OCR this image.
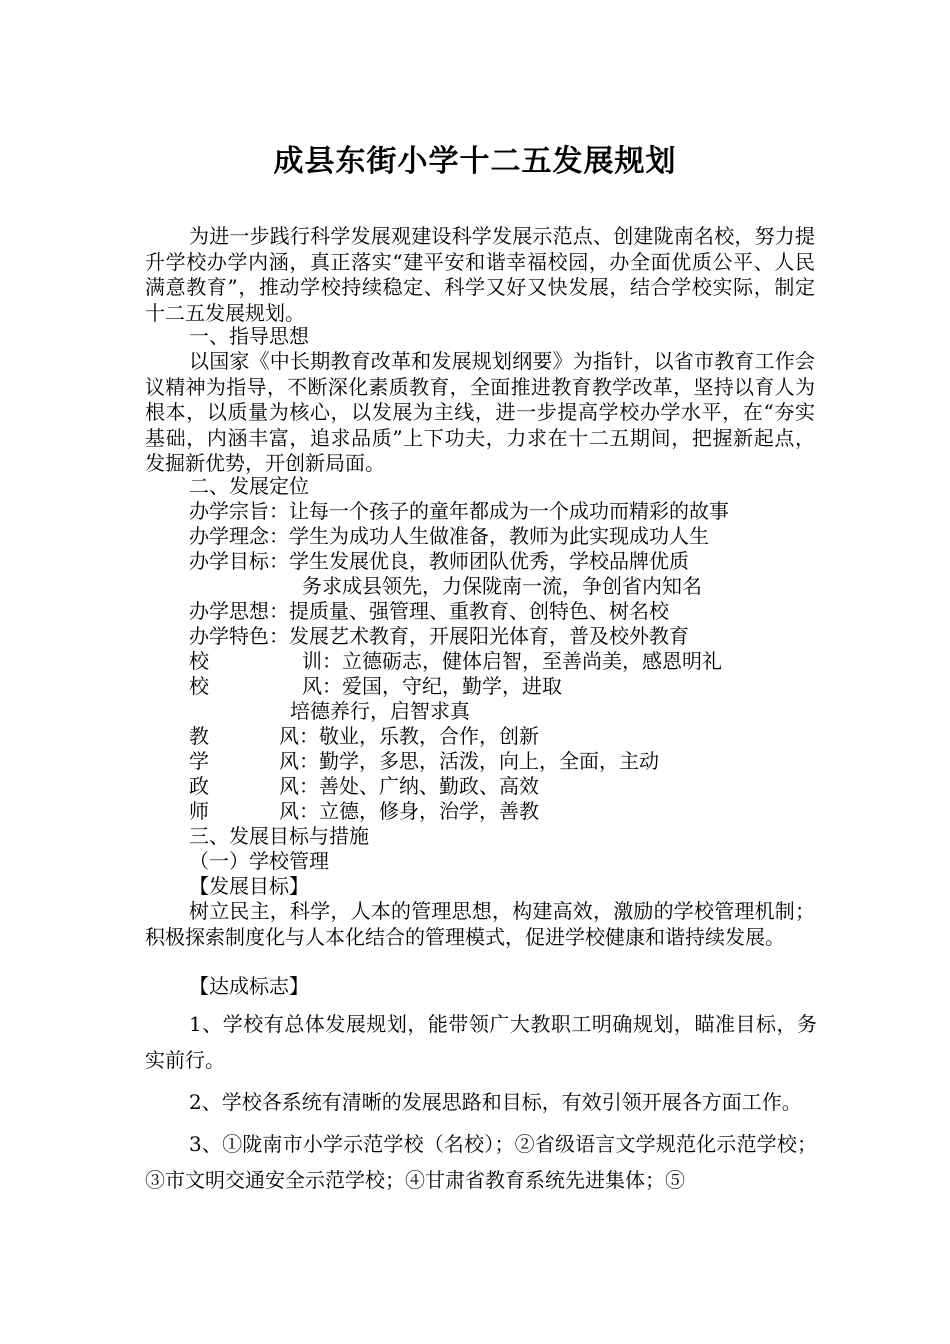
成县东街小学十二五发展规划

为进一步践行科学发展观建设科学发展示范点、创建陇南名校，努力提升学校办学内涵，真正落实“建平安和谐幸福校园，办全面优质公平、人民满意教育”，推动学校持续稳定、科学又好又快发展，结合学校实际，制定十二五发展规划。

一、指导思想

以国家《中长期教育改革和发展规划纲要》为指针，以省市教育工作会议精神为指导，不断深化素质教育，全面推进教育教学改革，坚持以育人为根本，以质量为核心，以发展为主线，进一步提高学校办学水平，在“夯实基础，内涵丰富，追求品质”上下功夫，力求在十二五期间，把握新起点，发掘新优势，开创新局面。

二、发展定位
办学宗旨：让每一个孩子的童年都成为一个成功而精彩的故事
办学理念：学生为成功人生做准备，教师为此实现成功人生
办学目标：学生发展优良，教师团队优秀，学校品牌优质
务求成县领先，力保陇南一流，争创省内知名
办学思想：提质量、强管理、重教育、创特色、树名校
办学特色：发展艺术教育，开展阳光体育，普及校外教育
校	训：立德砺志，健体启智，至善尚美，感恩明礼
校	风：爱国，守纪，勤学，进取
培德养行，启智求真
教	风：敬业，乐教，合作，创新
学	风：勤学，多思，活泼，向上，全面，主动
政	风：善处、广纳、勤政、高效
师	风：立德，修身，治学，善教
三、发展目标与措施
（一）学校管理
【发展目标】

树立民主，科学，人本的管理思想，构建高效，激励的学校管理机制；积极探索制度化与人本化结合的管理模式，促进学校健康和谐持续发展。

【达成标志】

1、学校有总体发展规划，能带领广大教职工明确规划，瞄准目标，务实前行。

2、学校各系统有清晰的发展思路和目标，有效引领开展各方面工作。

3、①陇南市小学示范学校（名校）；②省级语言文学规范化示范学校；③市文明交通安全示范学校；④甘肃省教育系统先进集体；⑤
